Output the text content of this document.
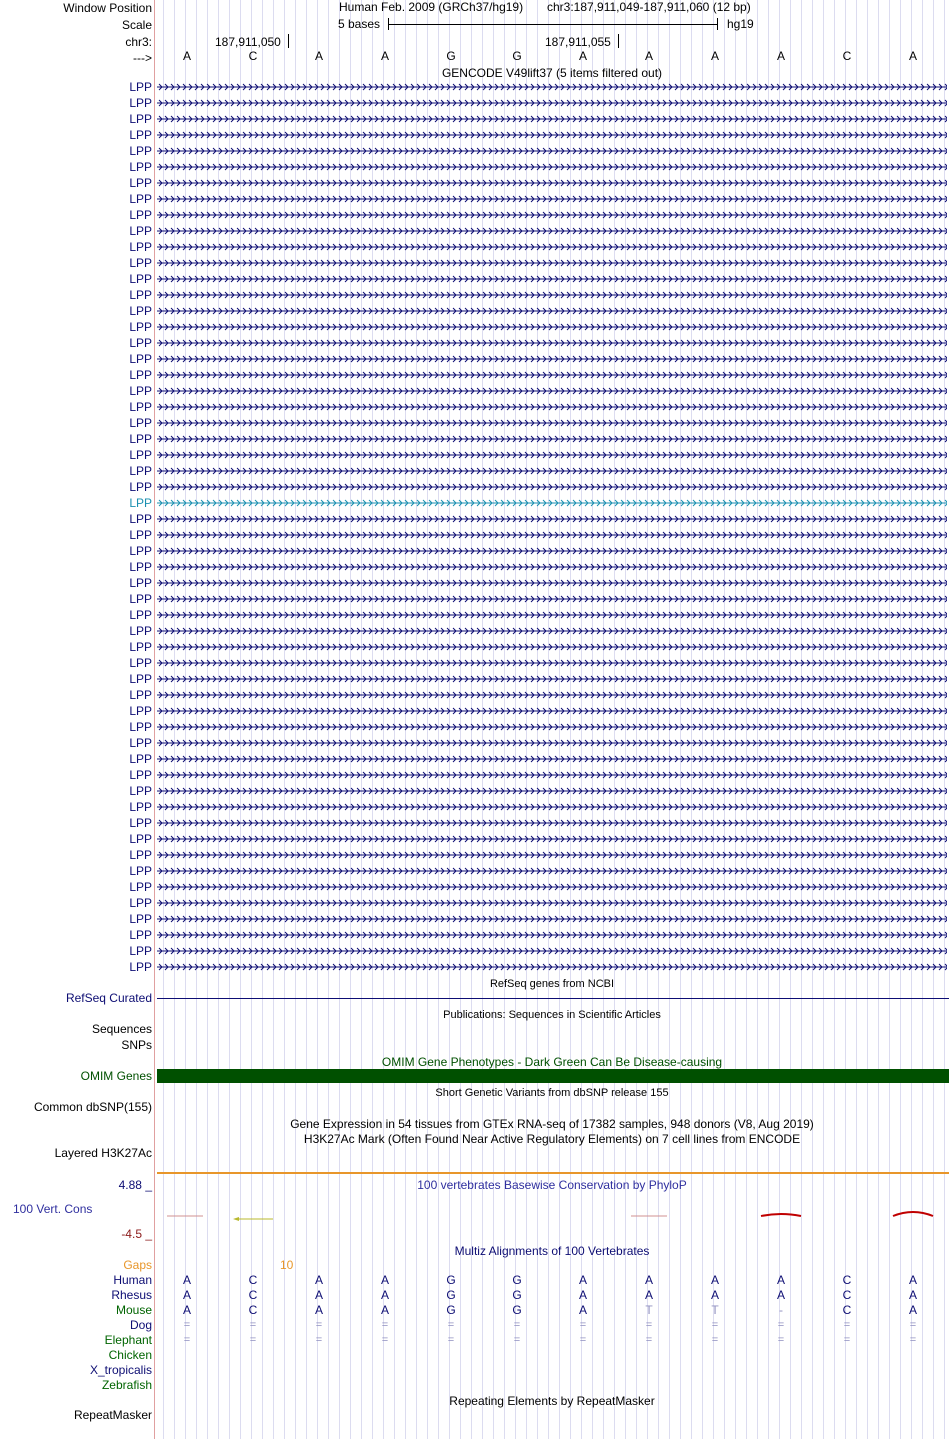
Window Position	Human Feb. 2009 (GRCh37/hg19) chr3:187,911,049-187,911,060 (12 bp)
Scale	5 bases	hg19
chr3:	187,911,050	187,911,055
--->
GENCODE V49lift37 (5 items filtered out)
RefSeq genes from NCBI
RefSeq Curated
Publications: Sequences in Scientific Articles
Sequences
SNPs
OMIM Gene Phenotypes - Dark Green Can Be Disease-causing
OMIM Genes
Short Genetic Variants from dbSNP release 155
Common dbSNP(155)
Gene Expression in 54 tissues from GTEx RNA-seq of 17382 samples, 948 donors (V8, Aug 2019)
H3K27Ac Mark (Often Found Near Active Regulatory Elements) on 7 cell lines from ENCODE
Layered H3K27Ac
4.88 _	100 vertebrates Basewise Conservation by PhyloP
100 Vert. Cons
-4.5 _
Multiz Alignments of 100 Vertebrates
Gaps	10
Repeating Elements by RepeatMasker
RepeatMasker
A	C	A	A	G	G	A	A	A	A	C	A
LPP
LPP
LPP
LPP
LPP
LPP
LPP
LPP
LPP
LPP
LPP
LPP
LPP
LPP
LPP
LPP
LPP
LPP
LPP
LPP
LPP
LPP
LPP
LPP
LPP
LPP
LPP
LPP
LPP
LPP
LPP
LPP
LPP
LPP
LPP
LPP
LPP
LPP
LPP
LPP
LPP
LPP
LPP
LPP
LPP
LPP
LPP
LPP
LPP
LPP
LPP
LPP
LPP
LPP
LPP
LPP
Human	A	C	A	A	G	G	A	A	A	A	C	A
Rhesus	A	C	A	A	G	G	A	A	A	A	C	A
Mouse	A	C	A	A	G	G	A	T	T	-	C	A
Dog	=	=	=	=	=	=	=	=	=	=	=	=
Elephant	=	=	=	=	=	=	=	=	=	=	=	=
Chicken
X_tropicalis
Zebrafish
